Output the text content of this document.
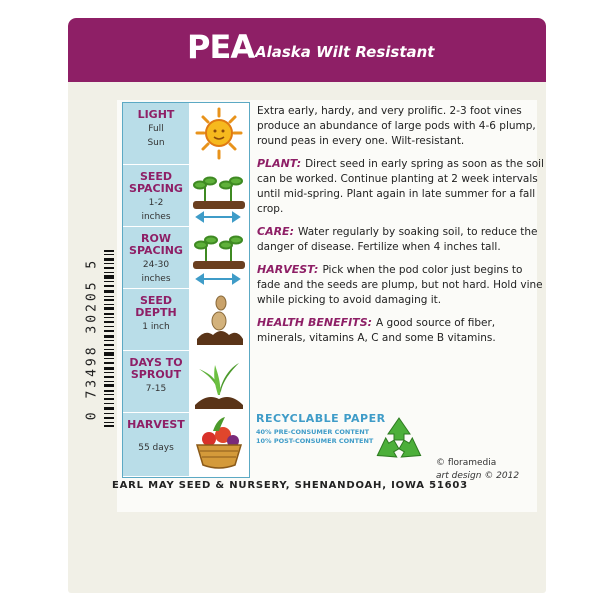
PEA Alaska Wilt Resistant
0 73498 30205 5
LIGHT
Full
Sun
SEED
SPACING
1-2
inches
ROW
SPACING
24-30
inches
SEED
DEPTH
1 inch
DAYS TO
SPROUT
7-15
HARVEST
55 days

Extra early, hardy, and very prolific. 2-3 foot vines produce an abundance of large pods with 4-6 plump, round peas in every one. Wilt-resistant.

PLANT: Direct seed in early spring as soon as the soil can be worked. Continue planting at 2 week intervals until mid-spring. Plant again in late summer for a fall crop.

CARE: Water regularly by soaking soil, to reduce the danger of disease. Fertilize when 4 inches tall.

HARVEST: Pick when the pod color just begins to fade and the seeds are plump, but not hard. Hold vine while picking to avoid damaging it.

HEALTH BENEFITS: A good source of fiber, minerals, vitamins A, C and some B vitamins.

RECYCLABLE PAPER
40% PRE-CONSUMER CONTENT
10% POST-CONSUMER CONTENT
© floramedia
art design © 2012
EARL MAY SEED & NURSERY, SHENANDOAH, IOWA 51603
